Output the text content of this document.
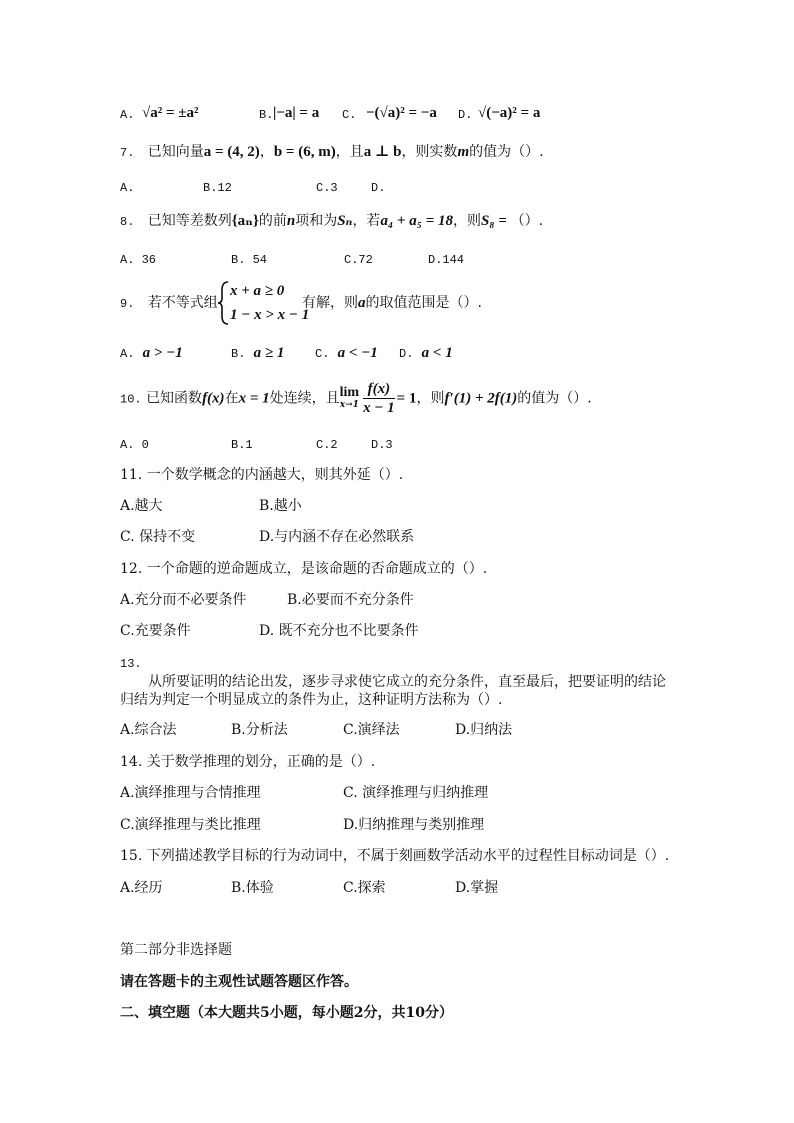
A. √a² = ±a²	B. |−a| = a C. −(√a)² = −a D. √(−a)² = a
7. 已知向量a = (4, 2)，b = (6, m)，且a ⊥ b，则实数m的值为（）.
A.	B.12	C.3	D.
8. 已知等差数列{aₙ}的前n项和为Sₙ，若a₄ + a₅ = 18，则S₈ = （）.
A. 36	B. 54	C.72	D.144
9. 若不等式组
x + a ≥ 0
1 − x > x − 1
有解，则a的取值范围是（）.
A. a > −1	B. a ≥ 1	C. a < −1 D. a < 1
10. 已知函数f(x)在x = 1处连续，且lim
$x\to 1 \frac{f(x)}{x - 1} = 1$，则f′(1) + 2f(1)的值为（）.
A. 0	B.1	C.2	D.3
11. 一个数学概念的内涵越大，则其外延（）.
A.越大	B.越小
C. 保持不变	D.与内涵不存在必然联系
12. 一个命题的逆命题成立，是该命题的否命题成立的（）.
A.充分而不必要条件	B.必要而不充分条件
C.充要条件	D. 既不充分也不比要条件
13.
从所要证明的结论出发，逐步寻求使它成立的充分条件，直至最后，把要证明的结论
归结为判定一个明显成立的条件为止，这种证明方法称为（）.
A.综合法	B.分析法	C.演绎法	D.归纳法
14. 关于数学推理的划分，正确的是（）.
A.演绎推理与合情推理	C. 演绎推理与归纳推理
C.演绎推理与类比推理	D.归纳推理与类别推理
15. 下列描述教学目标的行为动词中，不属于刻画数学活动水平的过程性目标动词是（）.
A.经历	B.体验	C.探索	D.掌握
第二部分非选择题
请在答题卡的主观性试题答题区作答。
二、填空题（本大题共5小题，每小题2分，共10分）
